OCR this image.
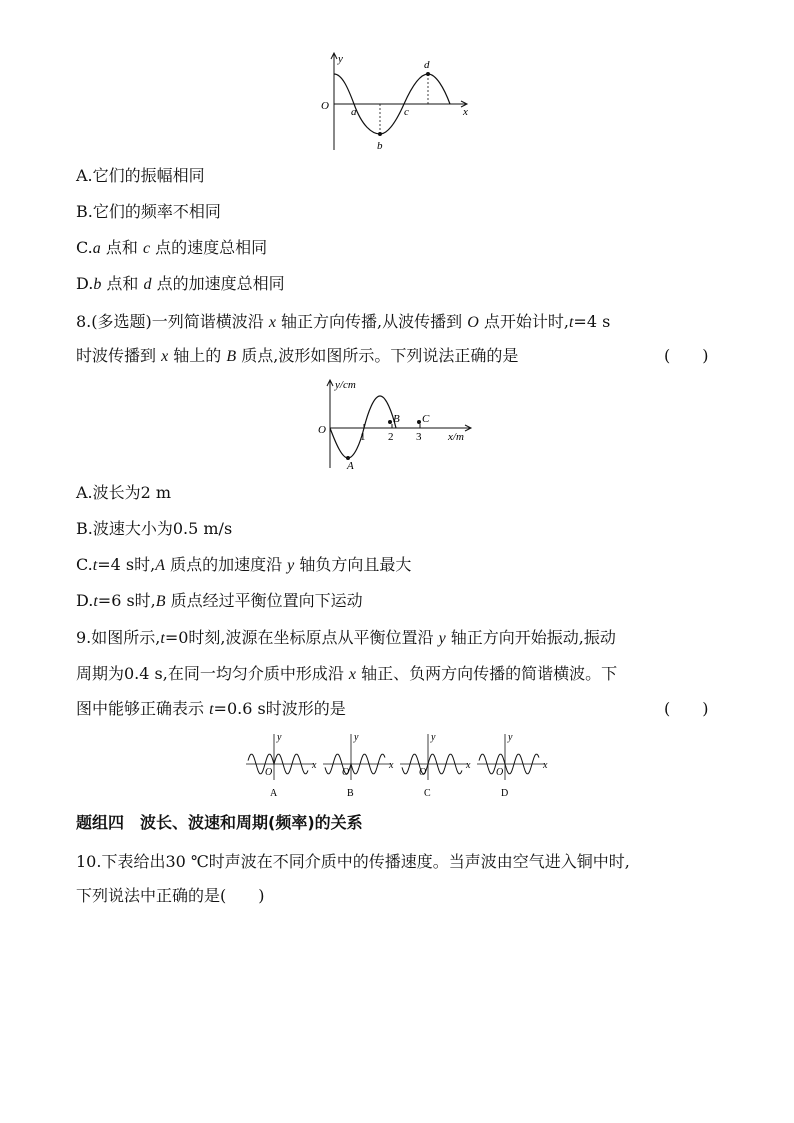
y
x
O a
b
c
d
A.它们的振幅相同
B.它们的频率不相同
C.a 点和 c 点的速度总相同
D.b 点和 d 点的加速度总相同
8.(多选题)一列简谐横波沿 x 轴正方向传播,从波传播到 O 点开始计时,t=4 s
时波传播到 x 轴上的 B 质点,波形如图所示。下列说法正确的是	(　　)
y/cm
x/m
O
1 2 3
A
B C
A.波长为2 m
B.波速大小为0.5 m/s
C.t=4 s时,A 质点的加速度沿 y 轴负方向且最大
D.t=6 s时,B 质点经过平衡位置向下运动
9.如图所示,t=0时刻,波源在坐标原点从平衡位置沿 y 轴正方向开始振动,振动
周期为0.4 s,在同一均匀介质中形成沿 x 轴正、负两方向传播的简谐横波。下
图中能够正确表示 t=0.6 s时波形的是	(　　)
y
x
O
A
y
x
O
B
y
x
O
C
y
x
O
D
题组四　波长、波速和周期(频率)的关系
10.下表给出30 ℃时声波在不同介质中的传播速度。当声波由空气进入铜中时,
下列说法中正确的是(　　)
